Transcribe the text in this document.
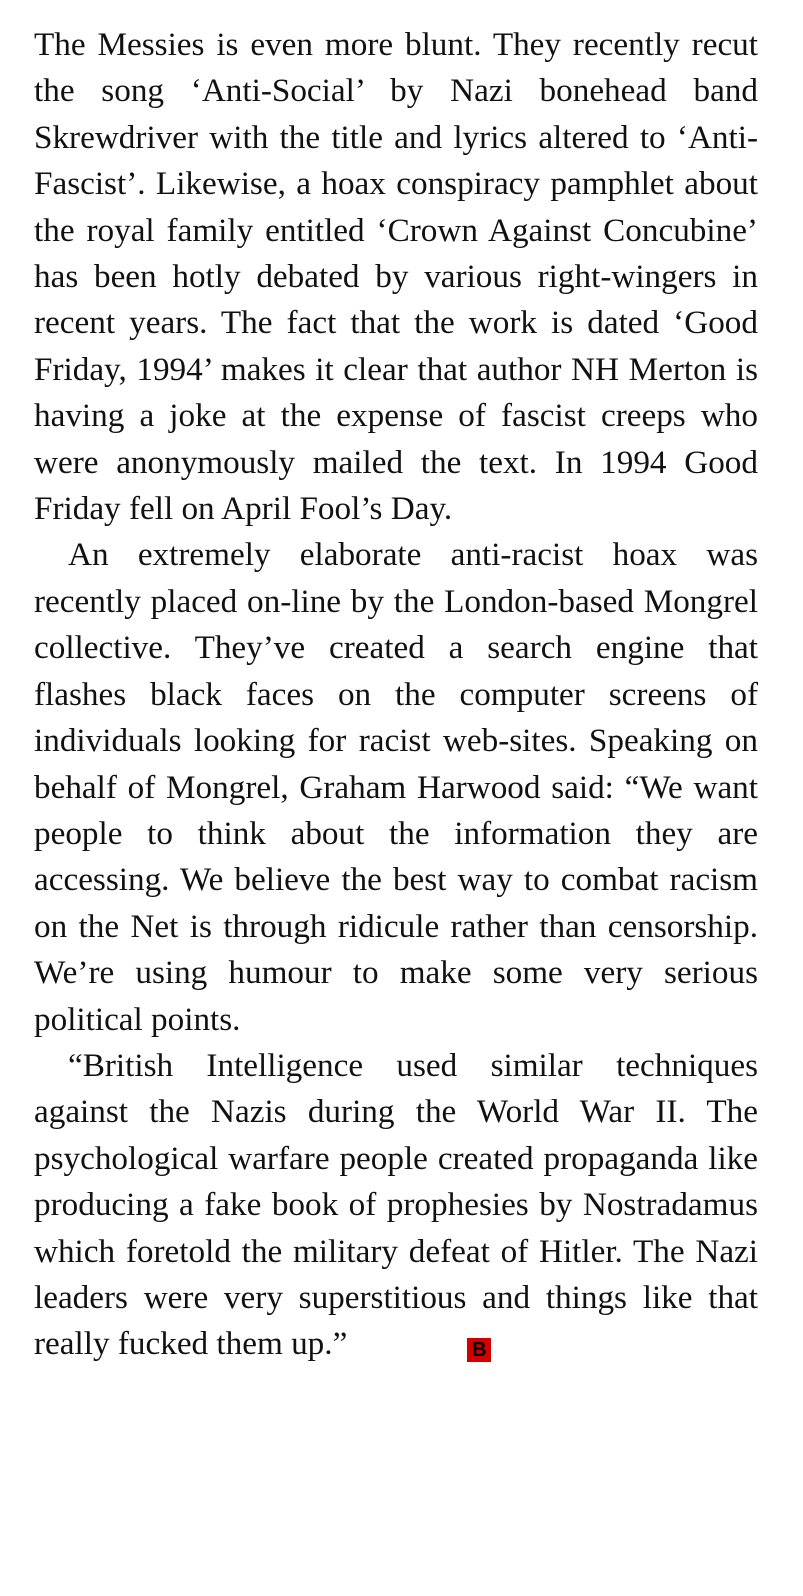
The Messies is even more blunt. They recently recut the song ‘Anti-Social’ by Nazi bonehead band Skrewdriver with the title and lyrics altered to ‘Anti-Fascist’. Likewise, a hoax conspiracy pamphlet about the royal family entitled ‘Crown Against Concubine’ has been hotly debated by various right-wingers in recent years. The fact that the work is dated ‘Good Friday, 1994’ makes it clear that author NH Merton is having a joke at the expense of fascist creeps who were anonymously mailed the text. In 1994 Good Friday fell on April Fool’s Day.

An extremely elaborate anti-racist hoax was recently placed on-line by the London-based Mongrel collective. They’ve created a search engine that flashes black faces on the computer screens of individuals looking for racist web-sites. Speaking on behalf of Mongrel, Graham Harwood said: “We want people to think about the information they are accessing. We believe the best way to combat racism on the Net is through ridicule rather than censorship. We’re using humour to make some very serious political points.

“British Intelligence used similar techniques against the Nazis during the World War II. The psychological warfare people created propaganda like producing a fake book of prophesies by Nostradamus which foretold the military defeat of Hitler. The Nazi leaders were very superstitious and things like that really fucked them up.”	B
